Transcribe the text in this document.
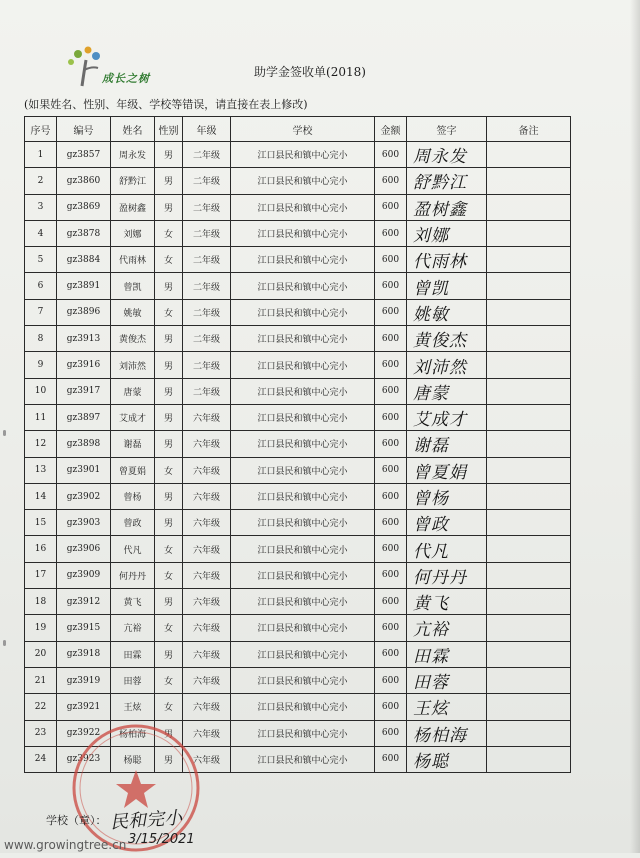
成长之树	助学金签收单(2018)
(如果姓名、性别、年级、学校等错误，请直接在表上修改)
序号	编号	姓名	性别	年级	学校	金额	签字	备注
1	gz3857	周永发	男	二年级	江口县民和镇中心完小	600	周永发	
2	gz3860	舒黔江	男	二年级	江口县民和镇中心完小	600	舒黔江	
3	gz3869	盈树鑫	男	二年级	江口县民和镇中心完小	600	盈树鑫	
4	gz3878	刘娜	女	二年级	江口县民和镇中心完小	600	刘娜	
5	gz3884	代雨林	女	二年级	江口县民和镇中心完小	600	代雨林	
6	gz3891	曾凯	男	二年级	江口县民和镇中心完小	600	曾凯	
7	gz3896	姚敏	女	二年级	江口县民和镇中心完小	600	姚敏	
8	gz3913	黄俊杰	男	二年级	江口县民和镇中心完小	600	黄俊杰	
9	gz3916	刘沛然	男	二年级	江口县民和镇中心完小	600	刘沛然	
10	gz3917	唐蒙	男	二年级	江口县民和镇中心完小	600	唐蒙	
11	gz3897	艾成才	男	六年级	江口县民和镇中心完小	600	艾成才	
12	gz3898	谢磊	男	六年级	江口县民和镇中心完小	600	谢磊	
13	gz3901	曾夏娟	女	六年级	江口县民和镇中心完小	600	曾夏娟	
14	gz3902	曾杨	男	六年级	江口县民和镇中心完小	600	曾杨	
15	gz3903	曾政	男	六年级	江口县民和镇中心完小	600	曾政	
16	gz3906	代凡	女	六年级	江口县民和镇中心完小	600	代凡	
17	gz3909	何丹丹	女	六年级	江口县民和镇中心完小	600	何丹丹	
18	gz3912	黄飞	男	六年级	江口县民和镇中心完小	600	黄飞	
19	gz3915	亢裕	女	六年级	江口县民和镇中心完小	600	亢裕	
20	gz3918	田霖	男	六年级	江口县民和镇中心完小	600	田霖	
21	gz3919	田蓉	女	六年级	江口县民和镇中心完小	600	田蓉	
22	gz3921	王炫	女	六年级	江口县民和镇中心完小	600	王炫	
23	gz3922	杨柏海	男	六年级	江口县民和镇中心完小	600	杨柏海	
24	gz3923	杨聪	男	六年级	江口县民和镇中心完小	600	杨聪	
学校（章）： 民和完小
3/15/2021
www.growingtree.cn
